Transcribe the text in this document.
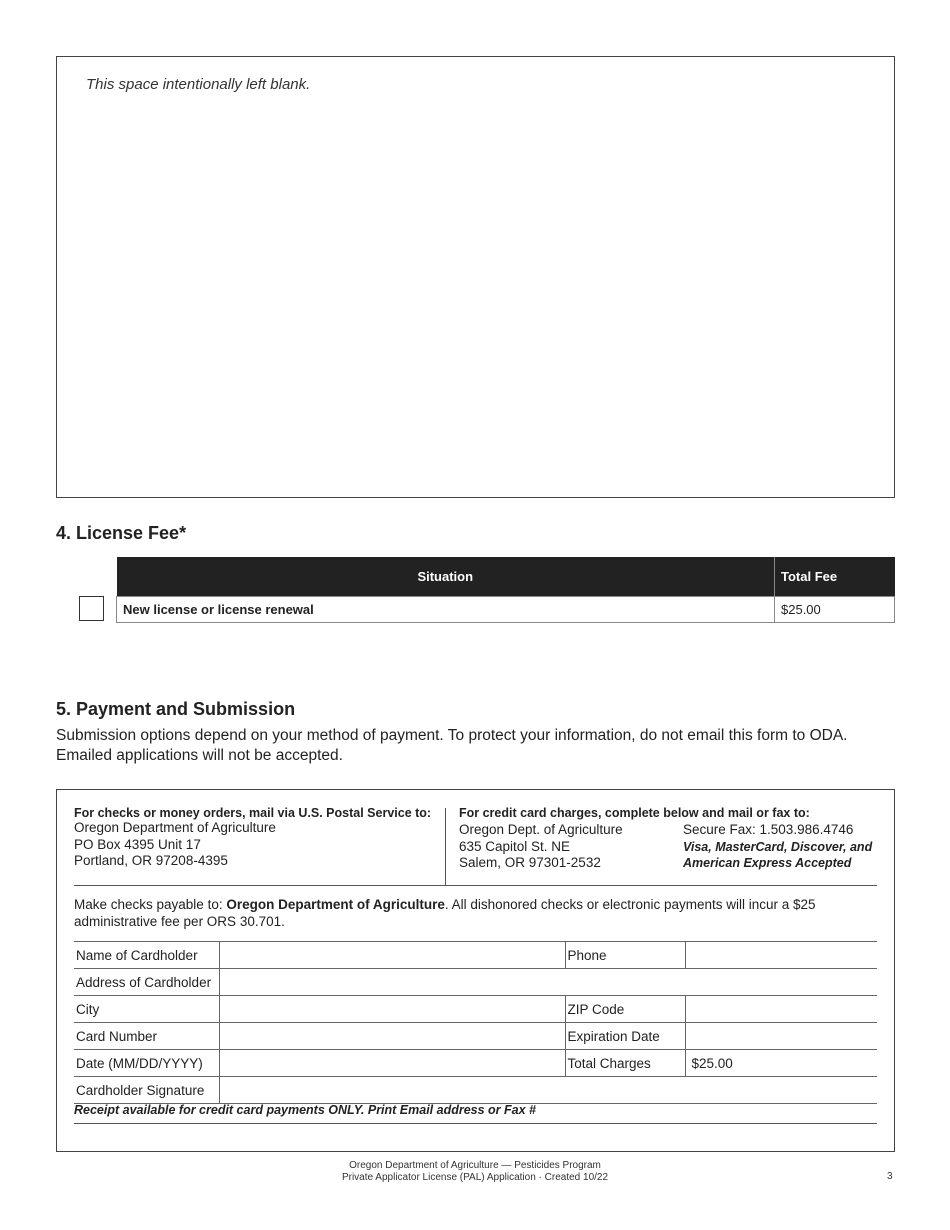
This space intentionally left blank.
4. License Fee*
Situation	Total Fee
New license or license renewal	$25.00
5. Payment and Submission
Submission options depend on your method of payment. To protect your information, do not email this form to ODA. Emailed applications will not be accepted.
For checks or money orders, mail via U.S. Postal Service to:
Oregon Department of Agriculture
PO Box 4395 Unit 17
Portland, OR 97208-4395
For credit card charges, complete below and mail or fax to:
Oregon Dept. of Agriculture
635 Capitol St. NE
Salem, OR 97301-2532
Secure Fax: 1.503.986.4746
Visa, MasterCard, Discover, and
American Express Accepted
Make checks payable to: Oregon Department of Agriculture. All dishonored checks or electronic payments will incur a $25 administrative fee per ORS 30.701.
Name of Cardholder		Phone	
Address of Cardholder			
City		ZIP Code	
Card Number		Expiration Date	
Date (MM/DD/YYYY)		Total Charges	$25.00
Cardholder Signature			
Receipt available for credit card payments ONLY. Print Email address or Fax #
Oregon Department of Agriculture — Pesticides Program
Private Applicator License (PAL) Application · Created 10/22	3
